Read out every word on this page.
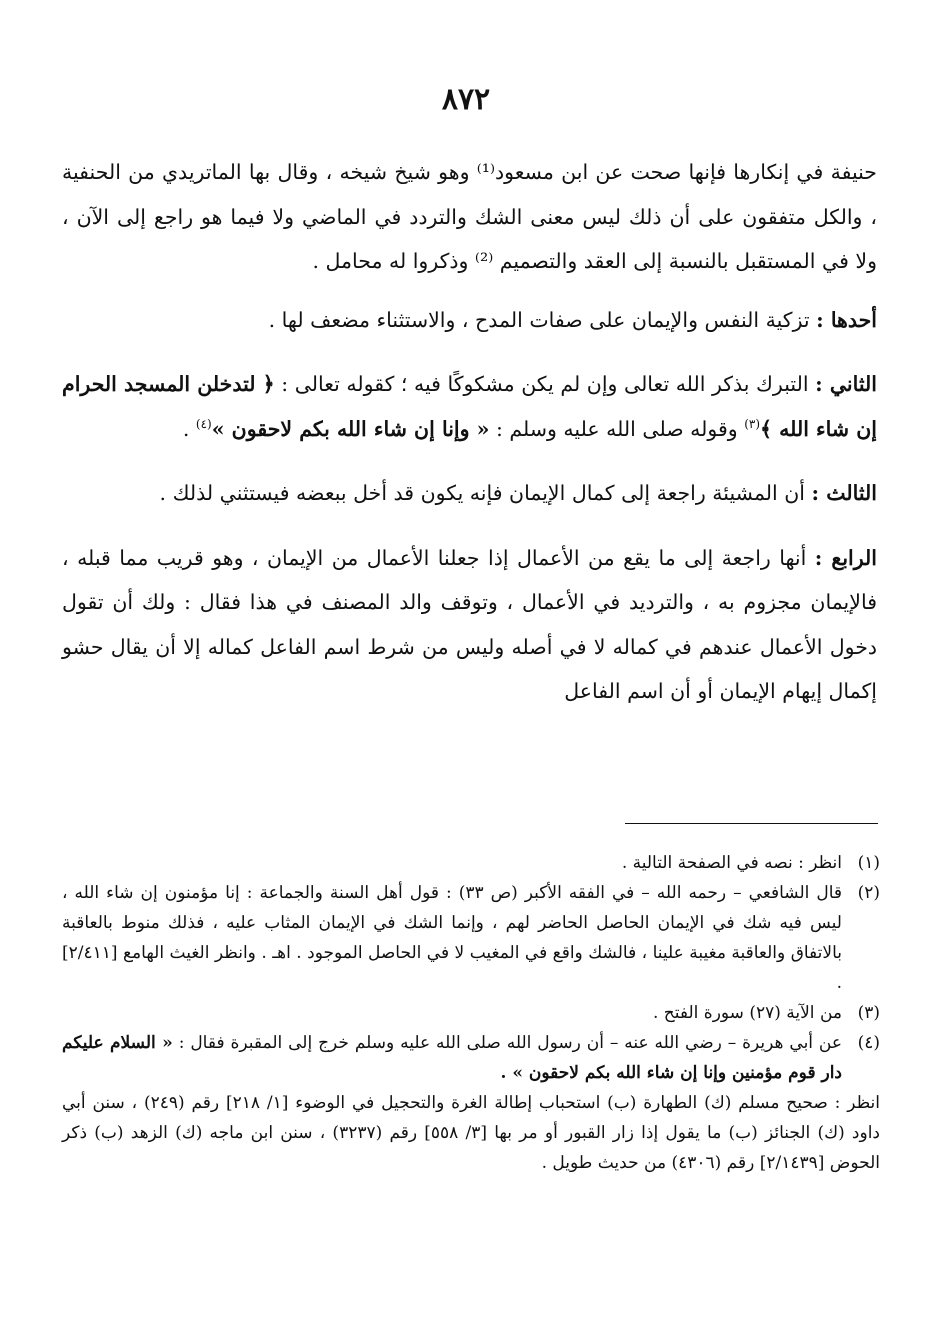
٨٧٢

حنيفة في إنكارها فإنها صحت عن ابن مسعود⁽¹⁾ وهو شيخ شيخه ، وقال بها الماتريدي من الحنفية ، والكل متفقون على أن ذلك ليس معنى الشك والتردد في الماضي ولا فيما هو راجع إلى الآن ، ولا في المستقبل بالنسبة إلى العقد والتصميم ⁽²⁾ وذكروا له محامل .

أحدها : تزكية النفس والإيمان على صفات المدح ، والاستثناء مضعف لها .

الثاني : التبرك بذكر الله تعالى وإن لم يكن مشكوكًا فيه ؛ كقوله تعالى : ﴿ لتدخلن المسجد الحرام إن شاء الله ﴾$^{(٣)}$ وقوله صلى الله عليه وسلم : « وإنا إن شاء الله بكم لاحقون »$^{(٤)}$ .

الثالث : أن المشيئة راجعة إلى كمال الإيمان فإنه يكون قد أخل ببعضه فيستثني لذلك .

الرابع : أنها راجعة إلى ما يقع من الأعمال إذا جعلنا الأعمال من الإيمان ، وهو قريب مما قبله ، فالإيمان مجزوم به ، والترديد في الأعمال ، وتوقف والد المصنف في هذا فقال : ولك أن تقول دخول الأعمال عندهم في كماله لا في أصله وليس من شرط اسم الفاعل كماله إلا أن يقال حشو إكمال إيهام الإيمان أو أن اسم الفاعل

(١)
انظر : نصه في الصفحة التالية .
(٢)
قال الشافعي – رحمه الله – في الفقه الأكبر (ص ٣٣) : قول أهل السنة والجماعة : إنا مؤمنون إن شاء الله ، ليس فيه شك في الإيمان الحاصل الحاضر لهم ، وإنما الشك في الإيمان المثاب عليه ، فذلك منوط بالعاقبة بالاتفاق والعاقبة مغيبة علينا ، فالشك واقع في المغيب لا في الحاصل الموجود . اهـ . وانظر الغيث الهامع [٢/٤١١] .
(٣)
من الآية (٢٧) سورة الفتح .
(٤)
عن أبي هريرة – رضي الله عنه – أن رسول الله صلى الله عليه وسلم خرج إلى المقبرة فقال : « السلام عليكم دار قوم مؤمنين وإنا إن شاء الله بكم لاحقون » .

انظر : صحيح مسلم (ك) الطهارة (ب) استحباب إطالة الغرة والتحجيل في الوضوء [١/ ٢١٨] رقم (٢٤٩) ، سنن أبي داود (ك) الجنائز (ب) ما يقول إذا زار القبور أو مر بها [٣/ ٥٥٨] رقم (٣٢٣٧) ، سنن ابن ماجه (ك) الزهد (ب) ذكر الحوض [٢/١٤٣٩] رقم (٤٣٠٦) من حديث طويل .
